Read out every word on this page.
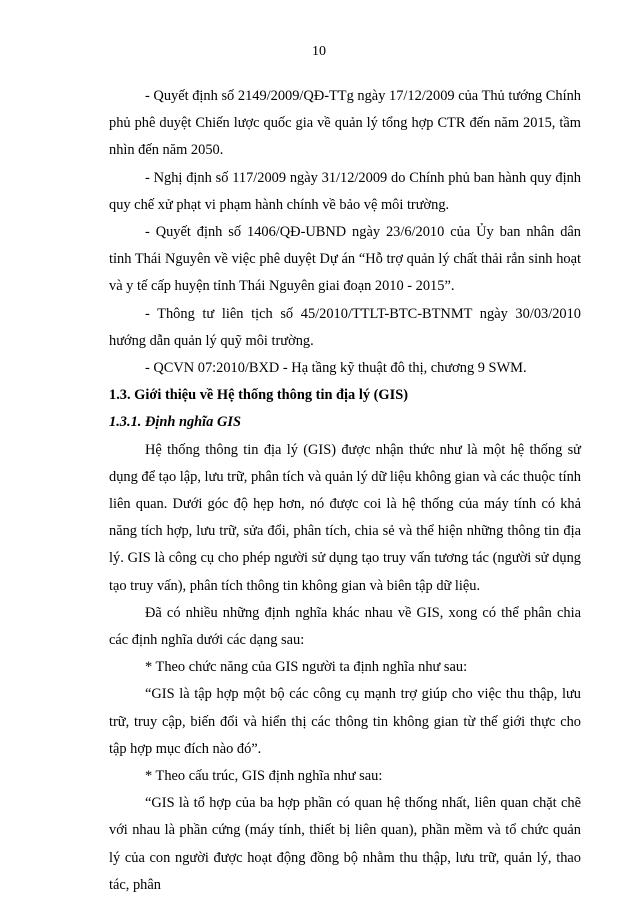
10

- Quyết định số 2149/2009/QĐ-TTg ngày 17/12/2009 của Thủ tướng Chính phủ phê duyệt Chiến lược quốc gia về quản lý tổng hợp CTR đến năm 2015, tầm nhìn đến năm 2050.

- Nghị định số 117/2009 ngày 31/12/2009 do Chính phủ ban hành quy định quy chế xử phạt vi phạm hành chính về bảo vệ môi trường.

- Quyết định số 1406/QĐ-UBND ngày 23/6/2010 của Ủy ban nhân dân tỉnh Thái Nguyên về việc phê duyệt Dự án “Hỗ trợ quản lý chất thải rắn sinh hoạt và y tế cấp huyện tỉnh Thái Nguyên giai đoạn 2010 - 2015”.

- Thông tư liên tịch số 45/2010/TTLT-BTC-BTNMT ngày 30/03/2010 hướng dẫn quản lý quỹ môi trường.

- QCVN 07:2010/BXD - Hạ tầng kỹ thuật đô thị, chương 9 SWM.

1.3. Giới thiệu về Hệ thống thông tin địa lý (GIS)

1.3.1. Định nghĩa GIS

Hệ thống thông tin địa lý (GIS) được nhận thức như là một hệ thống sử dụng để tạo lập, lưu trữ, phân tích và quản lý dữ liệu không gian và các thuộc tính liên quan. Dưới góc độ hẹp hơn, nó được coi là hệ thống của máy tính có khả năng tích hợp, lưu trữ, sửa đổi, phân tích, chia sẻ và thể hiện những thông tin địa lý. GIS là công cụ cho phép người sử dụng tạo truy vấn tương tác (người sử dụng tạo truy vấn), phân tích thông tin không gian và biên tập dữ liệu.

Đã có nhiều những định nghĩa khác nhau về GIS, xong có thể phân chia các định nghĩa dưới các dạng sau:

* Theo chức năng của GIS người ta định nghĩa như sau:

“GIS là tập hợp một bộ các công cụ mạnh trợ giúp cho việc thu thập, lưu trữ, truy cập, biến đổi và hiển thị các thông tin không gian từ thế giới thực cho tập hợp mục đích nào đó”.

* Theo cấu trúc, GIS định nghĩa như sau:

“GIS là tổ hợp của ba hợp phần có quan hệ thống nhất, liên quan chặt chẽ với nhau là phần cứng (máy tính, thiết bị liên quan), phần mềm và tổ chức quản lý của con người được hoạt động đồng bộ nhằm thu thập, lưu trữ, quản lý, thao tác, phân
